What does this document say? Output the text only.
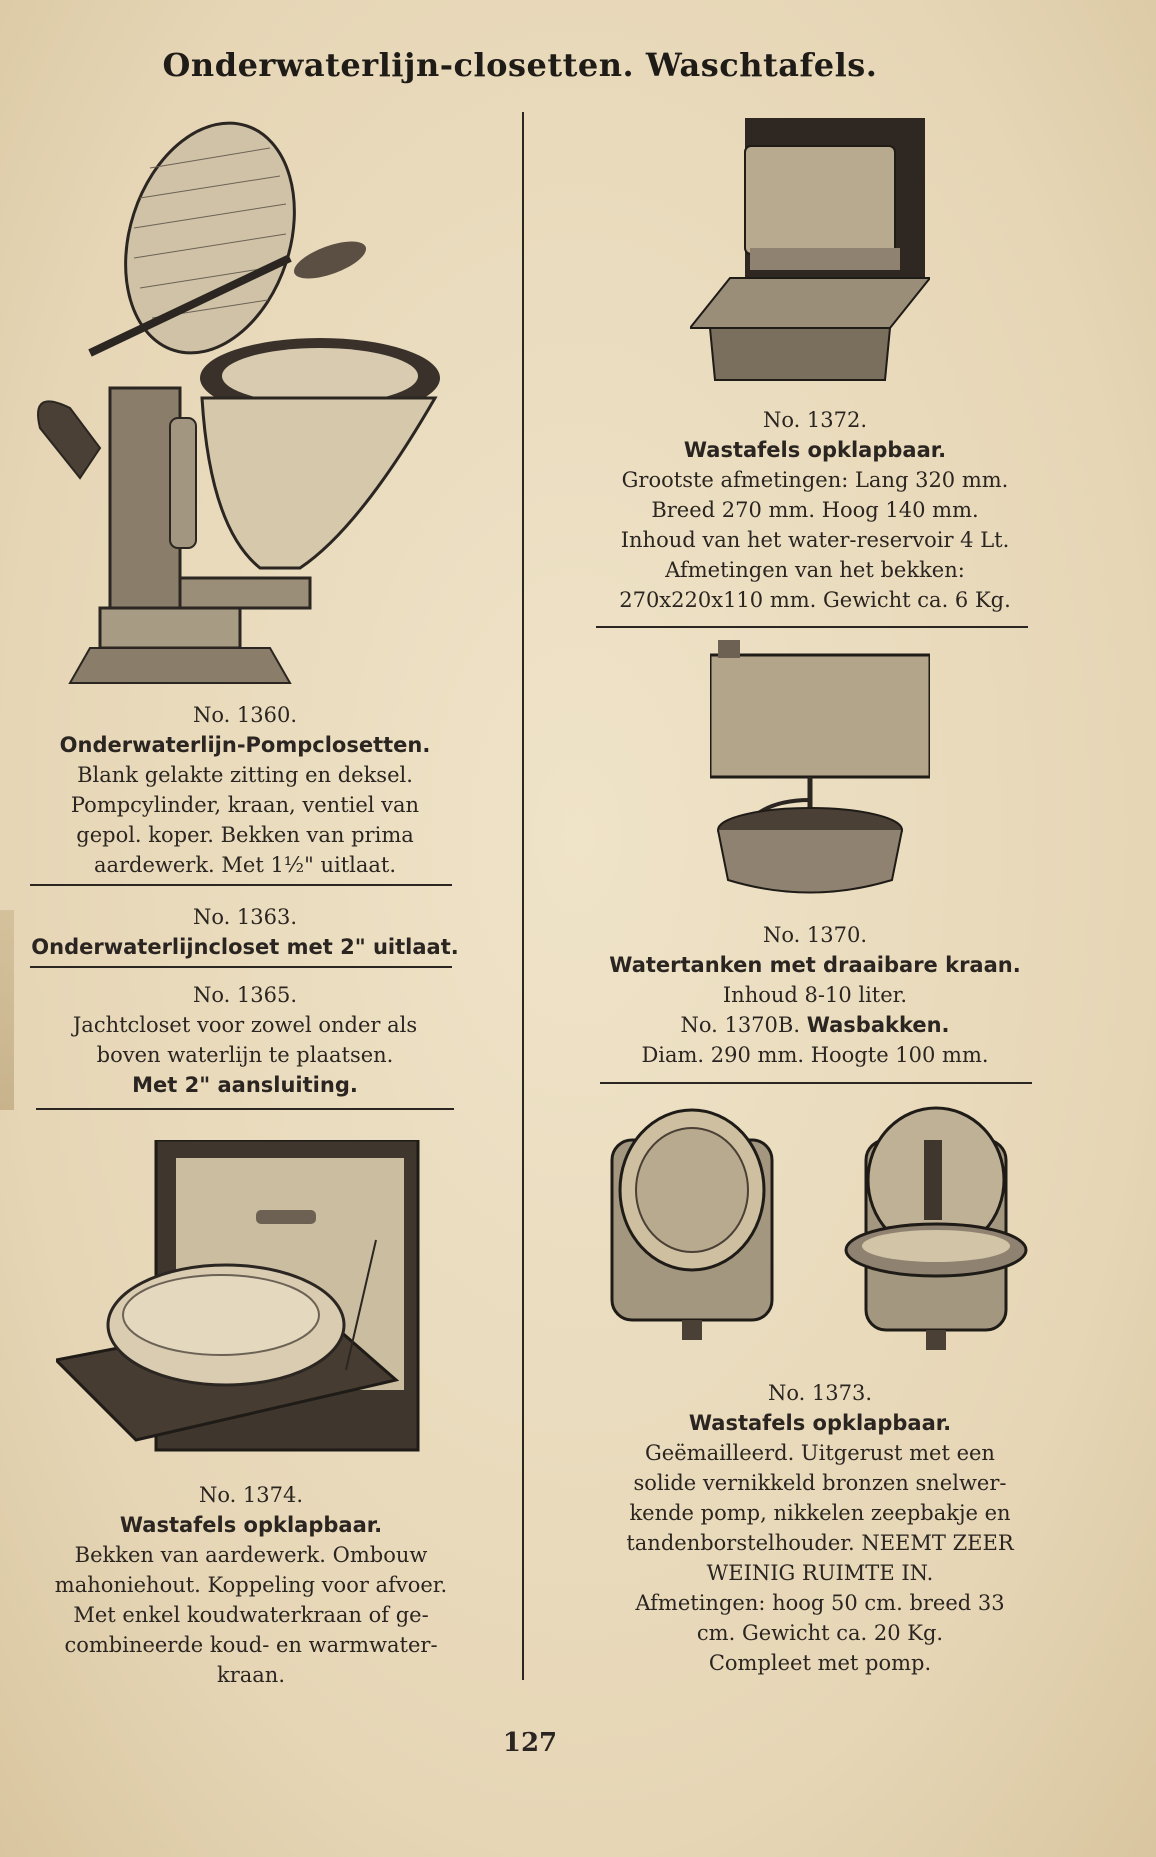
Onderwaterlijn-closetten. Waschtafels.
No. 1360.
Onderwaterlijn-Pompclosetten.
Blank gelakte zitting en deksel.
Pompcylinder, kraan, ventiel van
gepol. koper. Bekken van prima
aardewerk. Met 1½" uitlaat.
No. 1363.
Onderwaterlijncloset met 2" uitlaat.
No. 1365.
Jachtcloset voor zowel onder als
boven waterlijn te plaatsen.
Met 2" aansluiting.
No. 1374.
Wastafels opklapbaar.
Bekken van aardewerk. Ombouw
mahoniehout. Koppeling voor afvoer.
Met enkel koudwaterkraan of ge-
combineerde koud- en warmwater-
kraan.
No. 1372.
Wastafels opklapbaar.
Grootste afmetingen: Lang 320 mm.
Breed 270 mm. Hoog 140 mm.
Inhoud van het water-reservoir 4 Lt.
Afmetingen van het bekken:
270x220x110 mm. Gewicht ca. 6 Kg.
No. 1370.
Watertanken met draaibare kraan.
Inhoud 8-10 liter.
No. 1370B. Wasbakken.
Diam. 290 mm. Hoogte 100 mm.
No. 1373.
Wastafels opklapbaar.
Geëmailleerd. Uitgerust met een
solide vernikkeld bronzen snelwer-
kende pomp, nikkelen zeepbakje en
tandenborstelhouder. NEEMT ZEER
WEINIG RUIMTE IN.
Afmetingen: hoog 50 cm. breed 33
cm. Gewicht ca. 20 Kg.
Compleet met pomp.
127
